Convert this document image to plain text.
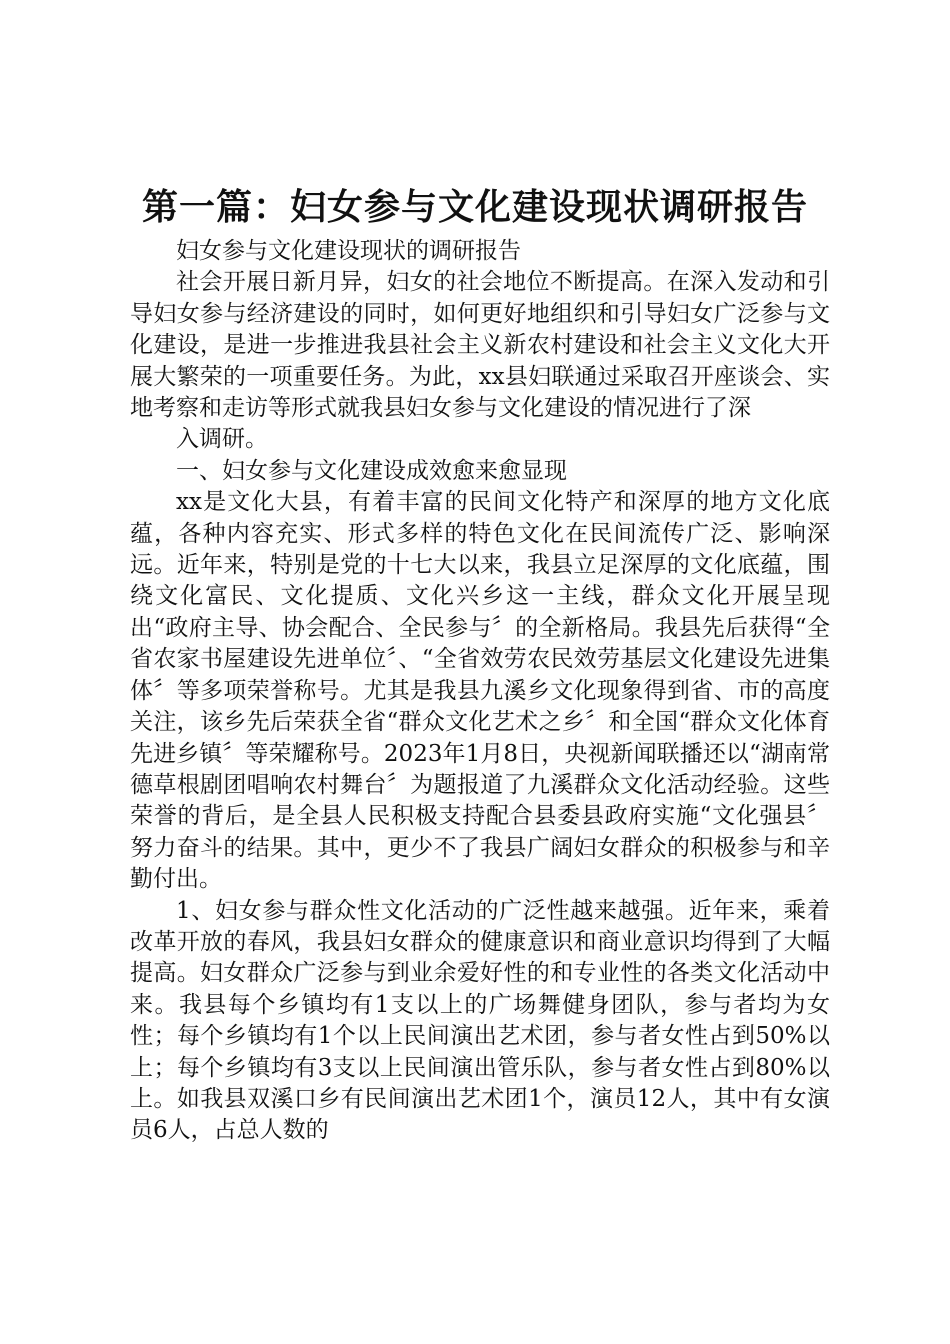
第一篇：妇女参与文化建设现状调研报告

妇女参与文化建设现状的调研报告

社会开展日新月异，妇女的社会地位不断提高。在深入发动和引导妇女参与经济建设的同时，如何更好地组织和引导妇女广泛参与文化建设，是进一步推进我县社会主义新农村建设和社会主义文化大开展大繁荣的一项重要任务。为此，xx县妇联通过采取召开座谈会、实地考察和走访等形式就我县妇女参与文化建设的情况进行了深

入调研。

一、妇女参与文化建设成效愈来愈显现

xx是文化大县，有着丰富的民间文化特产和深厚的地方文化底蕴，各种内容充实、形式多样的特色文化在民间流传广泛、影响深远。近年来，特别是党的十七大以来，我县立足深厚的文化底蕴，围绕文化富民、文化提质、文化兴乡这一主线，群众文化开展呈现出“政府主导、协会配合、全民参与〞的全新格局。我县先后获得“全省农家书屋建设先进单位〞、“全省效劳农民效劳基层文化建设先进集体〞等多项荣誉称号。尤其是我县九溪乡文化现象得到省、市的高度关注，该乡先后荣获全省“群众文化艺术之乡〞和全国“群众文化体育先进乡镇〞等荣耀称号。2023年1月8日，央视新闻联播还以“湖南常德草根剧团唱响农村舞台〞为题报道了九溪群众文化活动经验。这些荣誉的背后，是全县人民积极支持配合县委县政府实施“文化强县〞努力奋斗的结果。其中，更少不了我县广阔妇女群众的积极参与和辛勤付出。

1、妇女参与群众性文化活动的广泛性越来越强。近年来，乘着改革开放的春风，我县妇女群众的健康意识和商业意识均得到了大幅提高。妇女群众广泛参与到业余爱好性的和专业性的各类文化活动中来。我县每个乡镇均有1支以上的广场舞健身团队，参与者均为女性；每个乡镇均有1个以上民间演出艺术团，参与者女性占到50%以上；每个乡镇均有3支以上民间演出管乐队，参与者女性占到80%以上。如我县双溪口乡有民间演出艺术团1个，演员12人，其中有女演员6人，占总人数的
